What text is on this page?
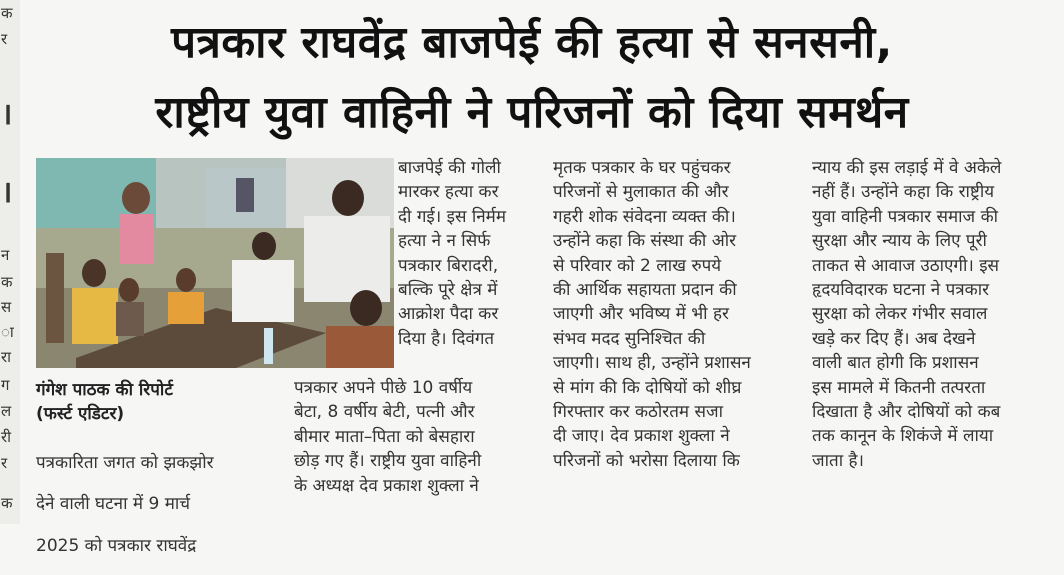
क
र
।
।
न
क
स
ा
रा
ग
ल
री
र
क
पत्रकार राघवेंद्र बाजपेई की हत्या से सनसनी,
राष्ट्रीय युवा वाहिनी ने परिजनों को दिया समर्थन
गंगेश पाठक की रिपोर्ट
(फर्स्ट एडिटर)

पत्रकारिता जगत को झकझोर

देने वाली घटना में 9 मार्च

2025 को पत्रकार राघवेंद्र

बाजपेई की गोली

मारकर हत्या कर

दी गई। इस निर्मम

हत्या ने न सिर्फ

पत्रकार बिरादरी,

बल्कि पूरे क्षेत्र में

आक्रोश पैदा कर

दिया है। दिवंगत

पत्रकार अपने पीछे 10 वर्षीय

बेटा, 8 वर्षीय बेटी, पत्नी और

बीमार माता–पिता को बेसहारा

छोड़ गए हैं। राष्ट्रीय युवा वाहिनी

के अध्यक्ष देव प्रकाश शुक्ला ने

मृतक पत्रकार के घर पहुंचकर

परिजनों से मुलाकात की और

गहरी शोक संवेदना व्यक्त की।

उन्होंने कहा कि संस्था की ओर

से परिवार को 2 लाख रुपये

की आर्थिक सहायता प्रदान की

जाएगी और भविष्य में भी हर

संभव मदद सुनिश्चित की

जाएगी। साथ ही, उन्होंने प्रशासन

से मांग की कि दोषियों को शीघ्र

गिरफ्तार कर कठोरतम सजा

दी जाए। देव प्रकाश शुक्ला ने

परिजनों को भरोसा दिलाया कि

न्याय की इस लड़ाई में वे अकेले

नहीं हैं। उन्होंने कहा कि राष्ट्रीय

युवा वाहिनी पत्रकार समाज की

सुरक्षा और न्याय के लिए पूरी

ताकत से आवाज उठाएगी। इस

हृदयविदारक घटना ने पत्रकार

सुरक्षा को लेकर गंभीर सवाल

खड़े कर दिए हैं। अब देखने

वाली बात होगी कि प्रशासन

इस मामले में कितनी तत्परता

दिखाता है और दोषियों को कब

तक कानून के शिकंजे में लाया

जाता है।
